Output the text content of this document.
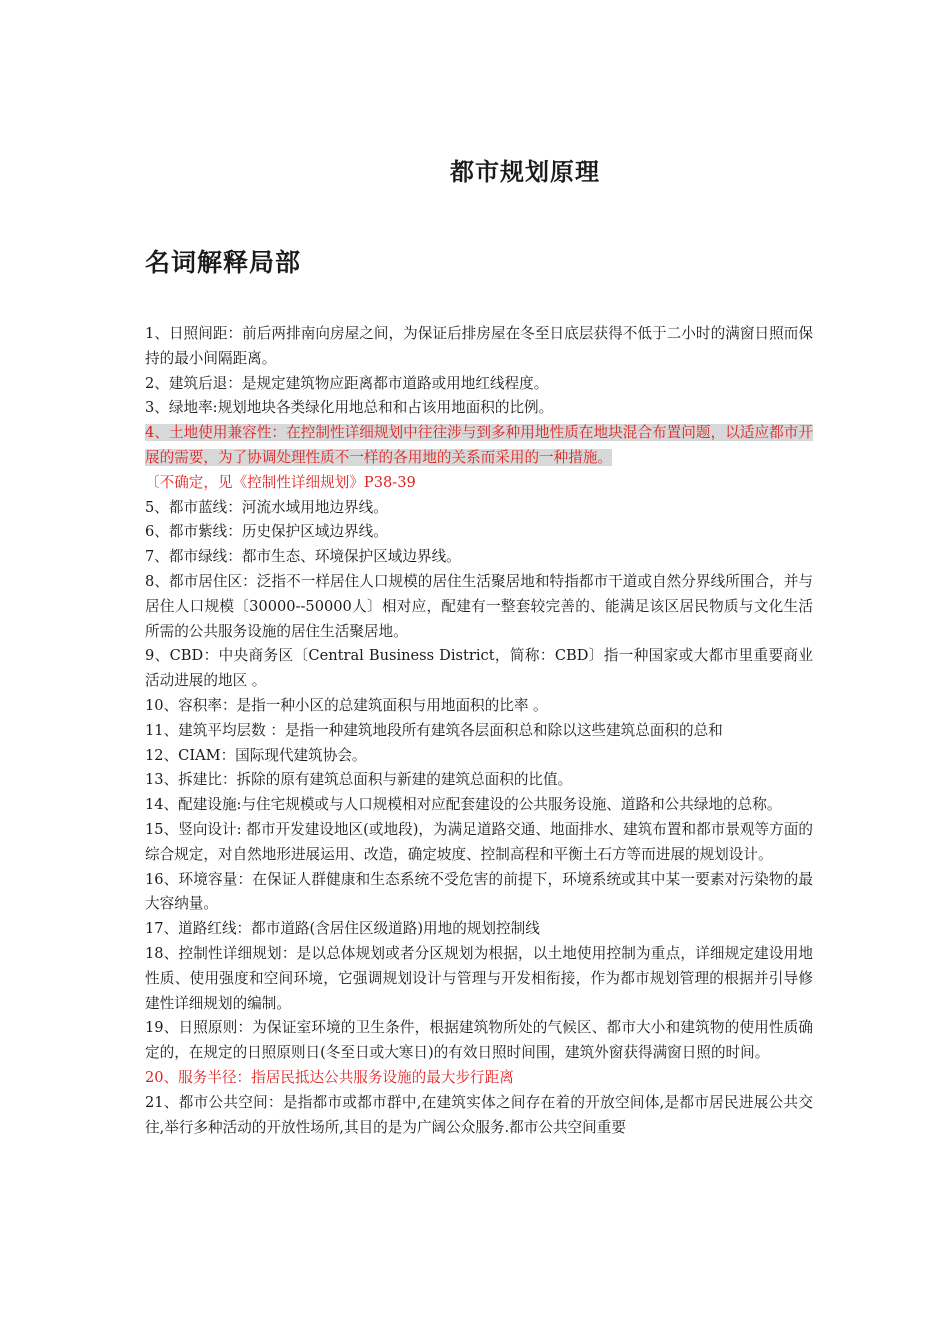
都市规划原理
名词解释局部

1、日照间距：前后两排南向房屋之间，为保证后排房屋在冬至日底层获得不低于二小时的满窗日照而保持的最小间隔距离。

2、建筑后退：是规定建筑物应距离都市道路或用地红线程度。

3、绿地率:规划地块各类绿化用地总和和占该用地面积的比例。

4、土地使用兼容性：在控制性详细规划中往往涉与到多种用地性质在地块混合布置问题，以适应都市开展的需要，为了协调处理性质不一样的各用地的关系而采用的一种措施。

〔不确定，见《控制性详细规划》P38-39

5、都市蓝线：河流水域用地边界线。

6、都市紫线：历史保护区域边界线。

7、都市绿线：都市生态、环境保护区域边界线。

8、都市居住区：泛指不一样居住人口规模的居住生活聚居地和特指都市干道或自然分界线所围合，并与居住人口规模〔30000--50000人〕相对应，配建有一整套较完善的、能满足该区居民物质与文化生活所需的公共服务设施的居住生活聚居地。

9、CBD：中央商务区〔Central Business District，简称：CBD〕指一种国家或大都市里重要商业活动进展的地区 。

10、容积率：是指一种小区的总建筑面积与用地面积的比率 。

11、建筑平均层数 ：是指一种建筑地段所有建筑各层面积总和除以这些建筑总面积的总和

12、CIAM：国际现代建筑协会。

13、拆建比：拆除的原有建筑总面积与新建的建筑总面积的比值。

14、配建设施:与住宅规模或与人口规模相对应配套建设的公共服务设施、道路和公共绿地的总称。

15、竖向设计: 都市开发建设地区(或地段)，为满足道路交通、地面排水、建筑布置和都市景观等方面的综合规定，对自然地形进展运用、改造，确定坡度、控制高程和平衡土石方等而进展的规划设计。

16、环境容量：在保证人群健康和生态系统不受危害的前提下，环境系统或其中某一要素对污染物的最大容纳量。

17、道路红线：都市道路(含居住区级道路)用地的规划控制线

18、控制性详细规划：是以总体规划或者分区规划为根据，以土地使用控制为重点，详细规定建设用地性质、使用强度和空间环境，它强调规划设计与管理与开发相衔接，作为都市规划管理的根据并引导修建性详细规划的编制。

19、日照原则：为保证室环境的卫生条件，根据建筑物所处的气候区、都市大小和建筑物的使用性质确定的，在规定的日照原则日(冬至日或大寒日)的有效日照时间围，建筑外窗获得满窗日照的时间。

20、服务半径：指居民抵达公共服务设施的最大步行距离

21、都市公共空间：是指都市或都市群中,在建筑实体之间存在着的开放空间体,是都市居民进展公共交往,举行多种活动的开放性场所,其目的是为广阔公众服务.都市公共空间重要
